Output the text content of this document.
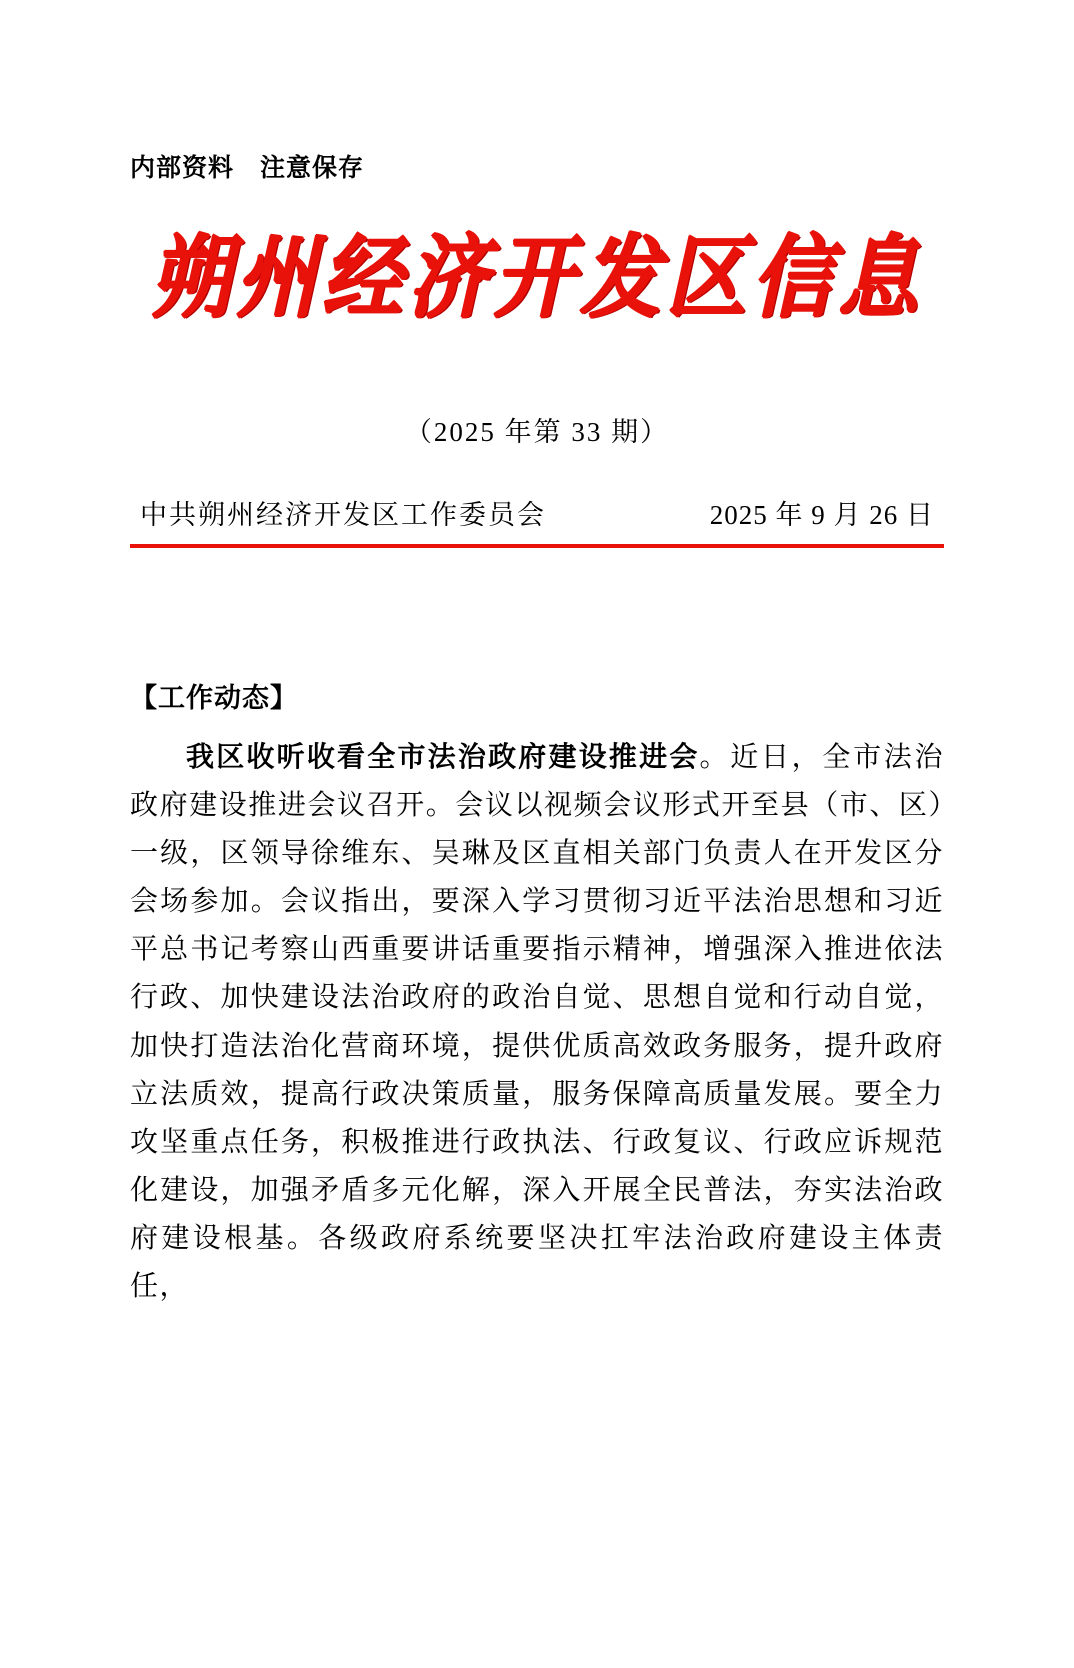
内部资料　注意保存
朔州经济开发区信息
（2025 年第 33 期）
中共朔州经济开发区工作委员会	2025 年 9 月 26 日
【工作动态】

我区收听收看全市法治政府建设推进会。近日，全市法治政府建设推进会议召开。会议以视频会议形式开至县（市、区）一级，区领导徐维东、吴琳及区直相关部门负责人在开发区分会场参加。会议指出，要深入学习贯彻习近平法治思想和习近平总书记考察山西重要讲话重要指示精神，增强深入推进依法行政、加快建设法治政府的政治自觉、思想自觉和行动自觉，加快打造法治化营商环境，提供优质高效政务服务，提升政府立法质效，提高行政决策质量，服务保障高质量发展。要全力攻坚重点任务，积极推进行政执法、行政复议、行政应诉规范化建设，加强矛盾多元化解，深入开展全民普法，夯实法治政府建设根基。各级政府系统要坚决扛牢法治政府建设主体责任，
